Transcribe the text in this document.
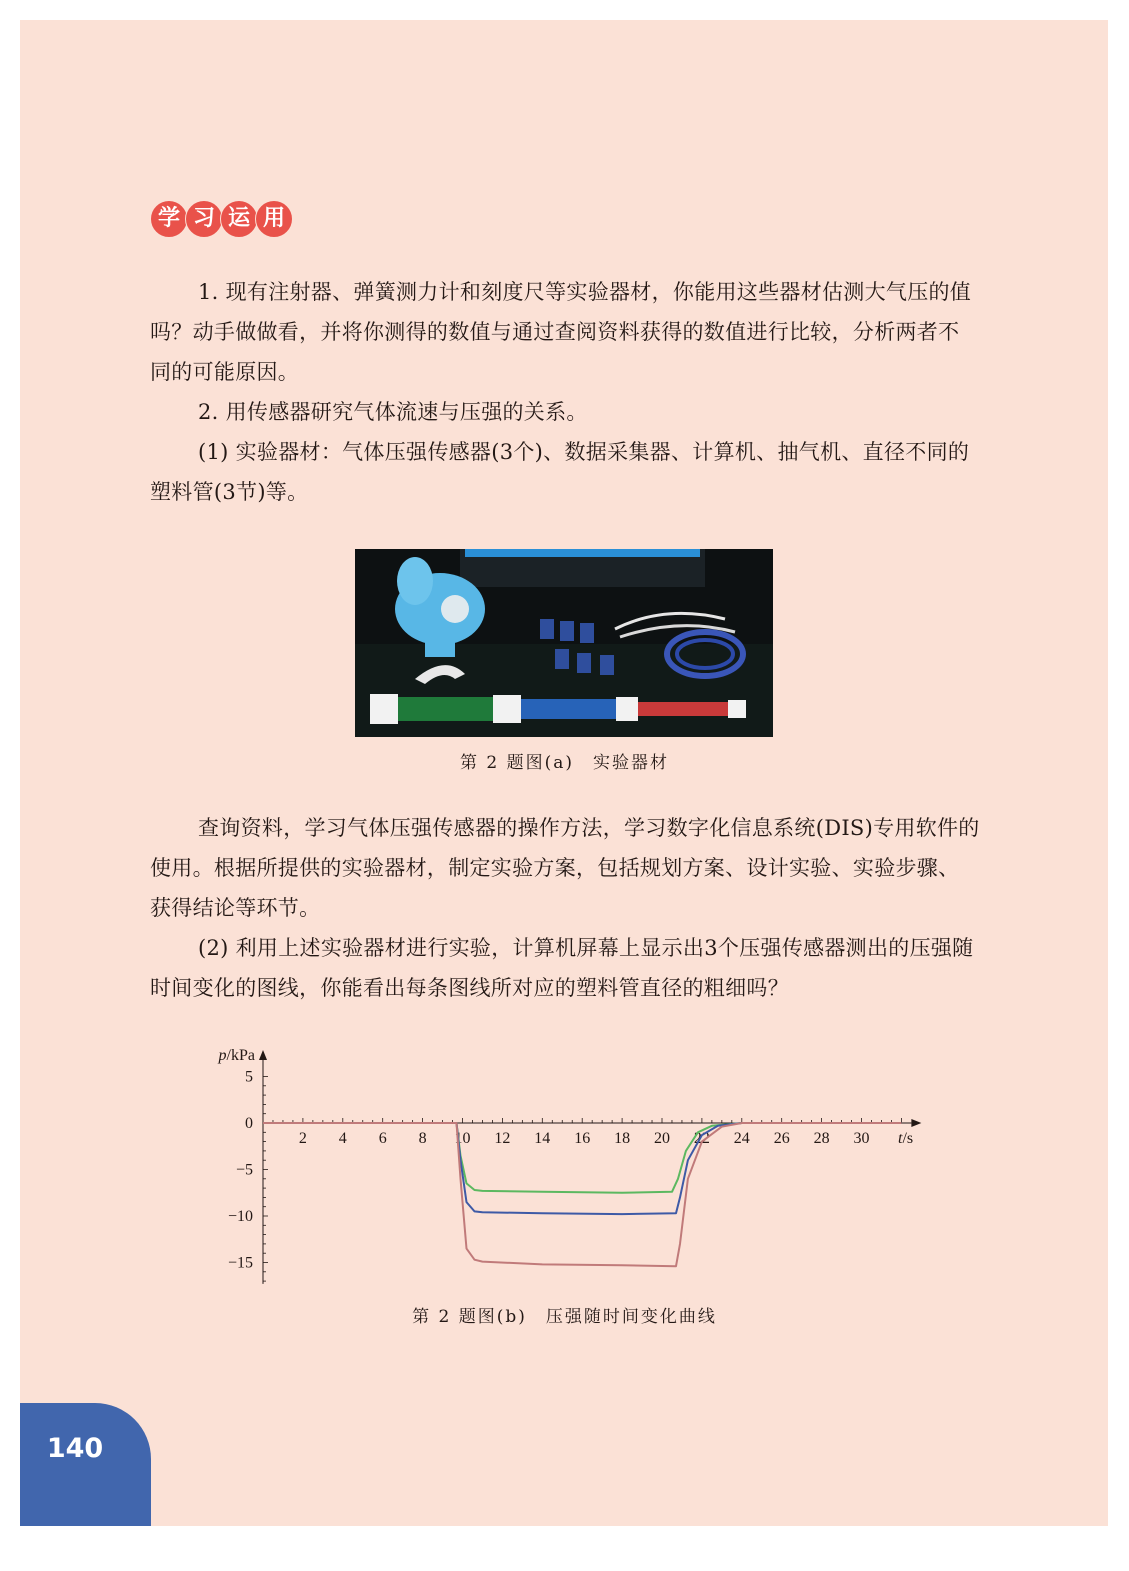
学 习 运 用

1. 现有注射器、弹簧测力计和刻度尺等实验器材，你能用这些器材估测大气压的值吗？动手做做看，并将你测得的数值与通过查阅资料获得的数值进行比较，分析两者不同的可能原因。

2. 用传感器研究气体流速与压强的关系。

(1) 实验器材：气体压强传感器(3个)、数据采集器、计算机、抽气机、直径不同的塑料管(3节)等。

第 2 题图(a)　实验器材

查询资料，学习气体压强传感器的操作方法，学习数字化信息系统(DIS)专用软件的使用。根据所提供的实验器材，制定实验方案，包括规划方案、设计实验、实验步骤、获得结论等环节。

(2) 利用上述实验器材进行实验，计算机屏幕上显示出3个压强传感器测出的压强随时间变化的图线，你能看出每条图线所对应的塑料管直径的粗细吗？

2 4 6 8 10 12 14 16 18 20 22 24 26 28 30
5
0
−5
−10
−15
p/kPa
t/s
第 2 题图(b)　压强随时间变化曲线
140
